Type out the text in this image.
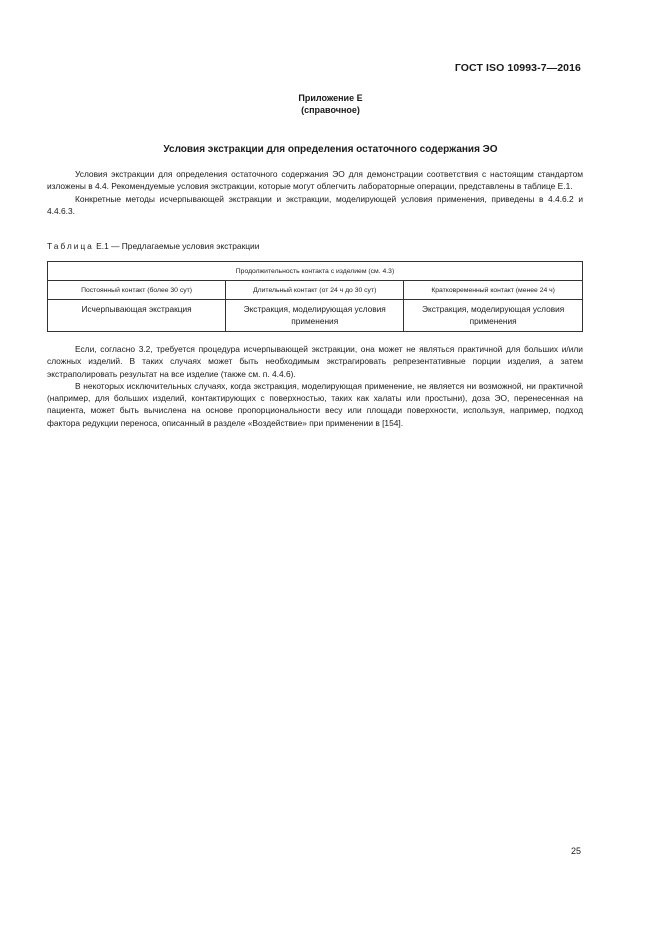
ГОСТ ISO 10993-7—2016
Приложение Е
(справочное)
Условия экстракции для определения остаточного содержания ЭО

Условия экстракции для определения остаточного содержания ЭО для демонстрации соответствия с настоящим стандартом изложены в 4.4. Рекомендуемые условия экстракции, которые могут облегчить лабораторные операции, представлены в таблице Е.1.

Конкретные методы исчерпывающей экстракции и экстракции, моделирующей условия применения, приведены в 4.4.6.2 и 4.4.6.3.

Таблица Е.1 — Предлагаемые условия экстракции
Продолжительность контакта с изделием (см. 4.3)		
Постоянный контакт (более 30 сут)	Длительный контакт (от 24 ч до 30 сут)	Кратковременный контакт (менее 24 ч)
Исчерпывающая экстракция	Экстракция, моделирующая условия применения	Экстракция, моделирующая условия применения

Если, согласно 3.2, требуется процедура исчерпывающей экстракции, она может не являться практичной для больших и/или сложных изделий. В таких случаях может быть необходимым экстрагировать репрезентативные порции изделия, а затем экстраполировать результат на все изделие (также см. п. 4.4.6).

В некоторых исключительных случаях, когда экстракция, моделирующая применение, не является ни возможной, ни практичной (например, для больших изделий, контактирующих с поверхностью, таких как халаты или простыни), доза ЭО, перенесенная на пациента, может быть вычислена на основе пропорциональности весу или площади поверхности, используя, например, подход фактора редукции переноса, описанный в разделе «Воздействие» при применении в [154].

25
